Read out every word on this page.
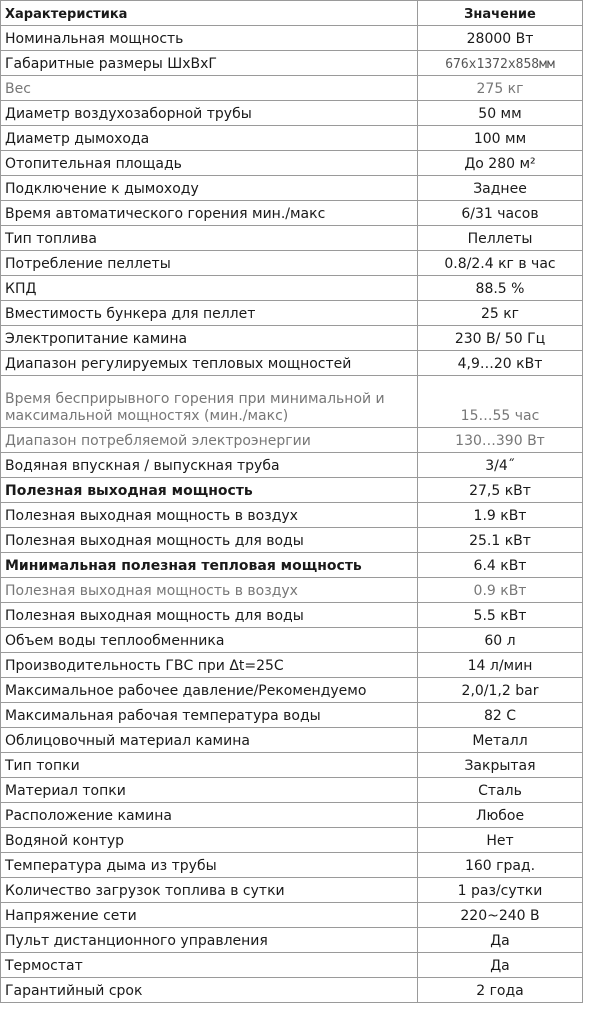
Характеристика	Значение
Номинальная мощность	28000 Вт
Габаритные размеры ШхВхГ	676x1372x858мм
Вес	275 кг
Диаметр воздухозаборной трубы	50 мм
Диаметр дымохода	100 мм
Отопительная площадь	До 280 м²
Подключение к дымоходу	Заднее
Время автоматического горения мин./макс	6/31 часов
Тип топлива	Пеллеты
Потребление пеллеты	0.8/2.4 кг в час
КПД	88.5 %
Вместимость бункера для пеллет	25 кг
Электропитание камина	230 В/ 50 Гц
Диапазон регулируемых тепловых мощностей	4,9…20 кВт
Время бесприрывного горения при минимальной и максимальной мощностях (мин./макс)	15…55 час
Диапазон потребляемой электроэнергии	130…390 Вт
Водяная впускная / выпускная труба	3/4˝
Полезная выходная мощность	27,5 кВт
Полезная выходная мощность в воздух	1.9 кВт
Полезная выходная мощность для воды	25.1 кВт
Минимальная полезная тепловая мощность	6.4 кВт
Полезная выходная мощность в воздух	0.9 кВт
Полезная выходная мощность для воды	5.5 кВт
Объем воды теплообменника	60 л
Производительность ГВС при Δt=25C	14 л/мин
Максимальное рабочее давление/Рекомендуемо	2,0/1,2 bar
Максимальная рабочая температура воды	82 C
Облицовочный материал камина	Металл
Тип топки	Закрытая
Материал топки	Сталь
Расположение камина	Любое
Водяной контур	Нет
Температура дыма из трубы	160 град.
Количество загрузок топлива в сутки	1 раз/сутки
Напряжение сети	220~240 В
Пульт дистанционного управления	Да
Термостат	Да
Гарантийный срок	2 года
